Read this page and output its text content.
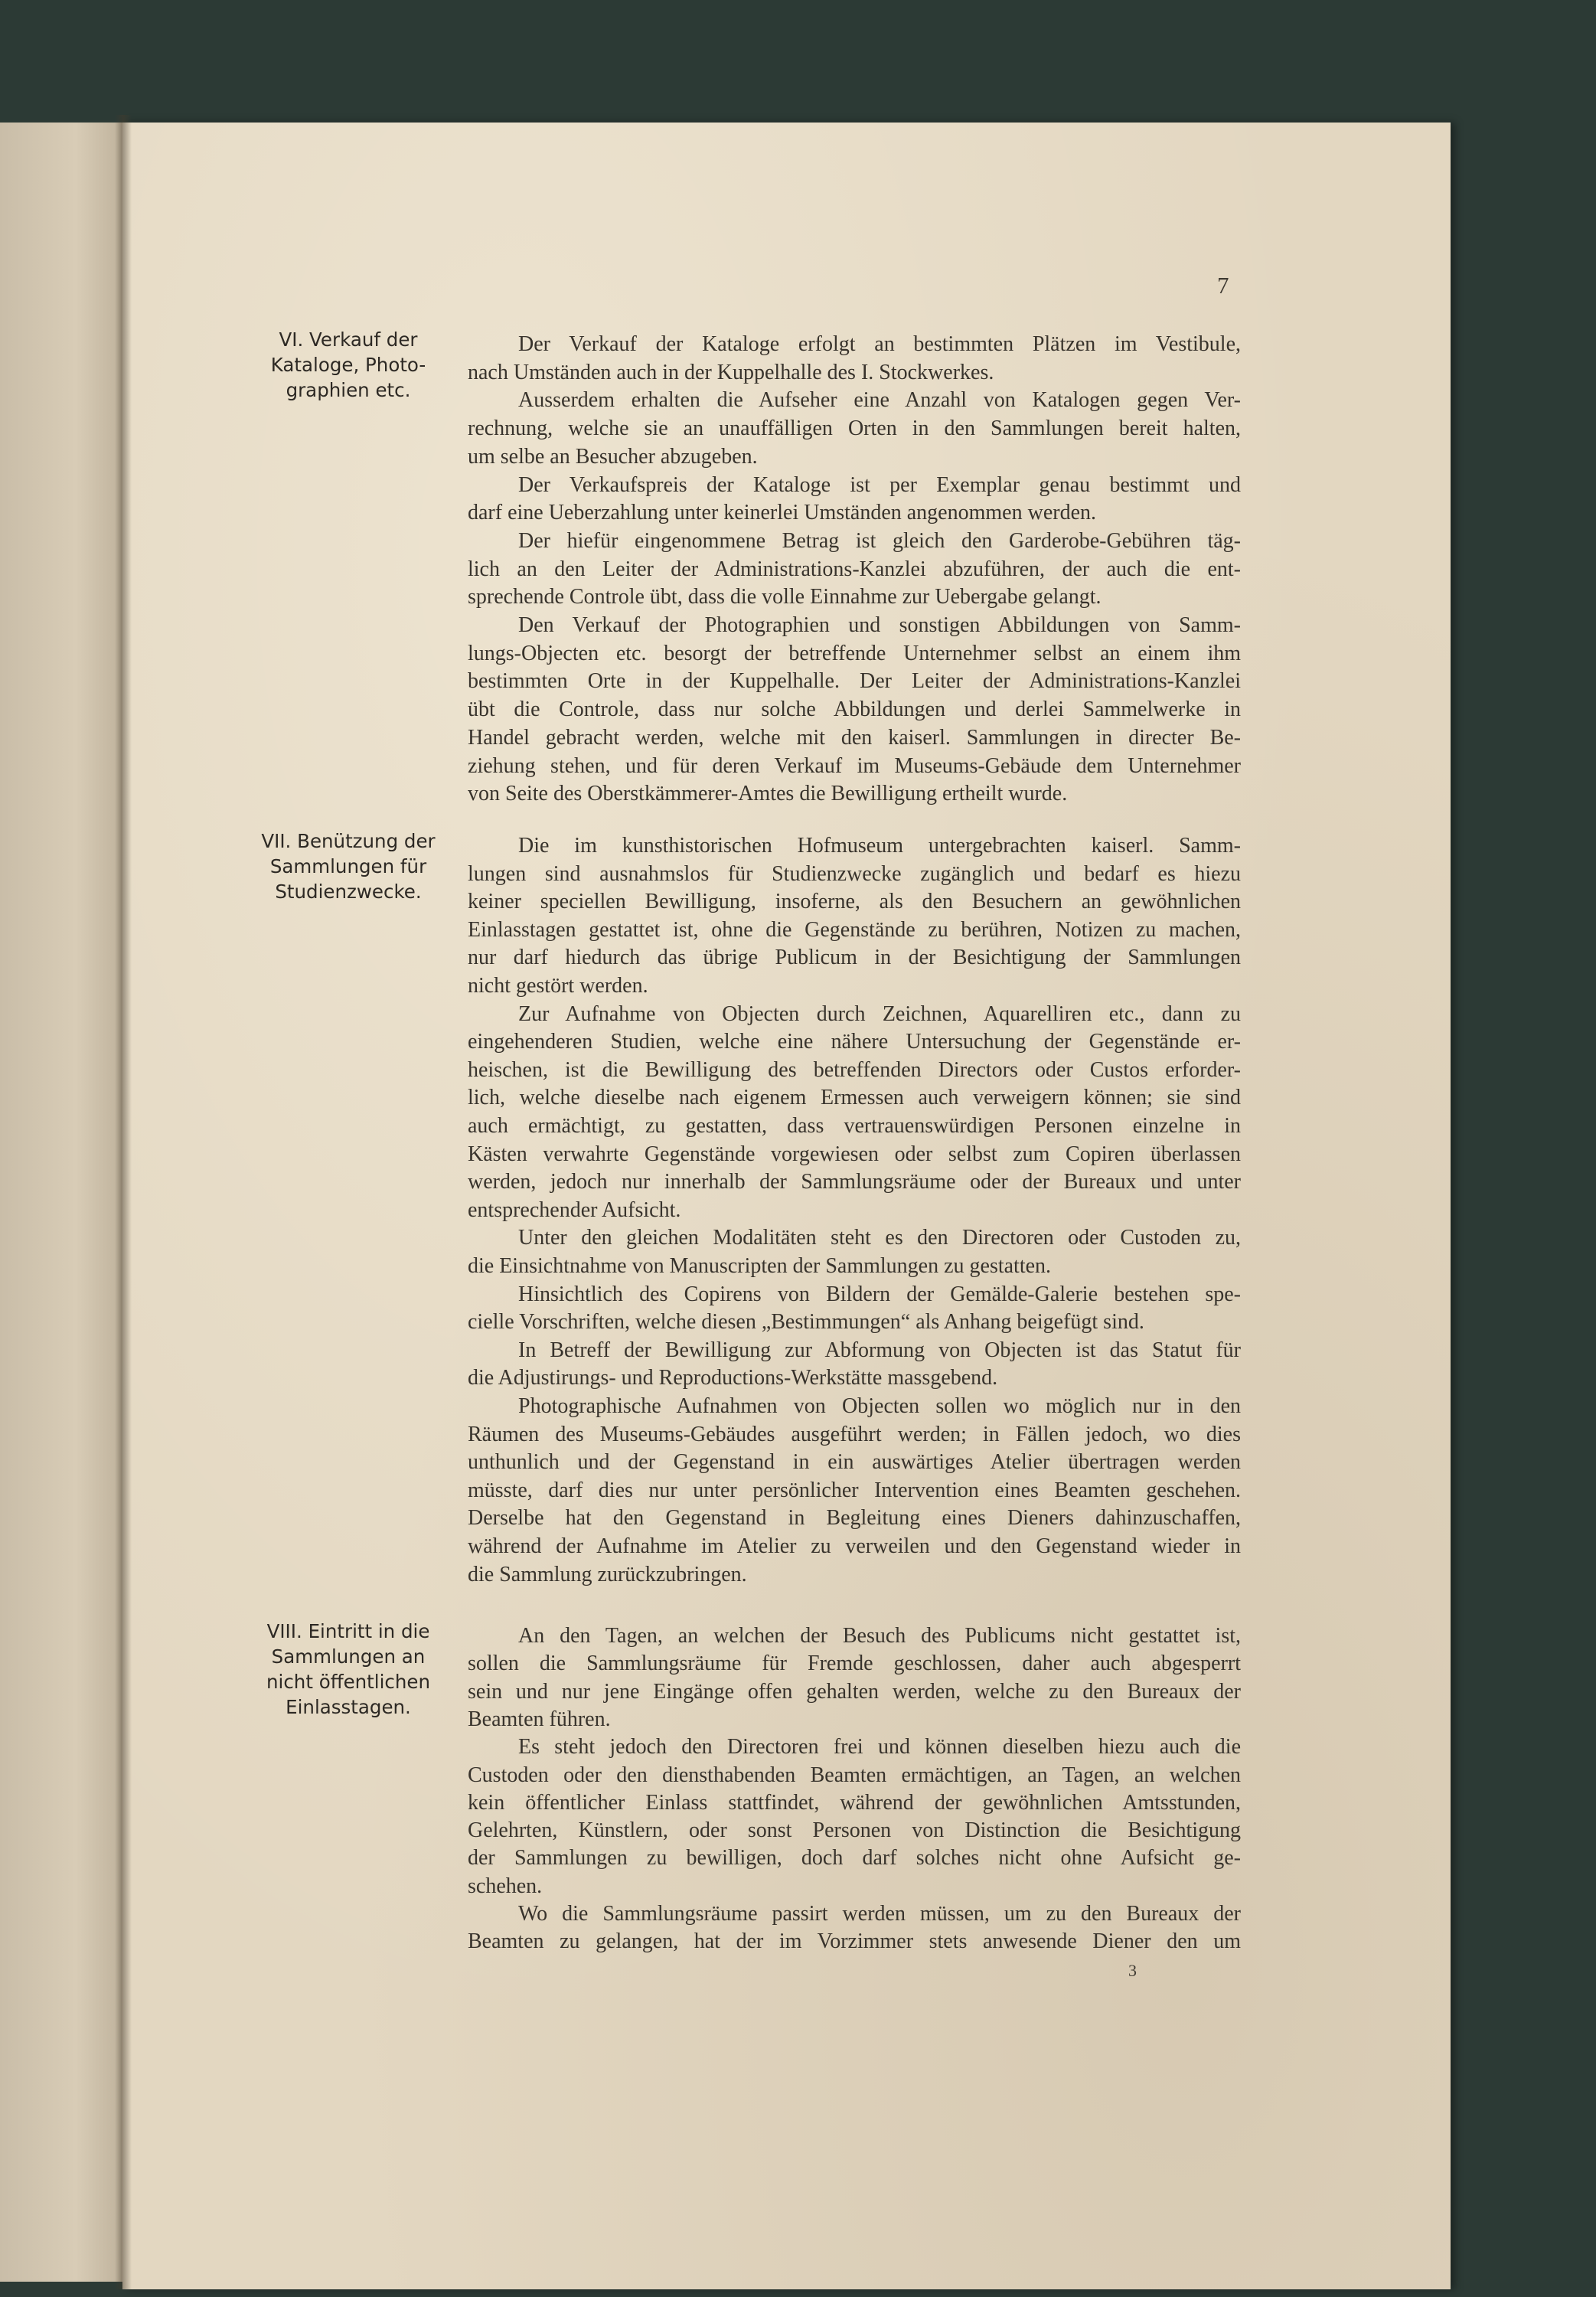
7
VI. Verkauf der
Kataloge, Photo-
graphien etc.
Der Verkauf der Kataloge erfolgt an bestimmten Plätzen im Vestibule,
nach Umständen auch in der Kuppelhalle des I. Stockwerkes.
Ausserdem erhalten die Aufseher eine Anzahl von Katalogen gegen Ver-
rechnung, welche sie an unauffälligen Orten in den Sammlungen bereit halten,
um selbe an Besucher abzugeben.
Der Verkaufspreis der Kataloge ist per Exemplar genau bestimmt und
darf eine Ueberzahlung unter keinerlei Umständen angenommen werden.
Der hiefür eingenommene Betrag ist gleich den Garderobe-Gebühren täg-
lich an den Leiter der Administrations-Kanzlei abzuführen, der auch die ent-
sprechende Controle übt, dass die volle Einnahme zur Uebergabe gelangt.
Den Verkauf der Photographien und sonstigen Abbildungen von Samm-
lungs-Objecten etc. besorgt der betreffende Unternehmer selbst an einem ihm
bestimmten Orte in der Kuppelhalle. Der Leiter der Administrations-Kanzlei
übt die Controle, dass nur solche Abbildungen und derlei Sammelwerke in
Handel gebracht werden, welche mit den kaiserl. Sammlungen in directer Be-
ziehung stehen, und für deren Verkauf im Museums-Gebäude dem Unternehmer
von Seite des Oberstkämmerer-Amtes die Bewilligung ertheilt wurde.
VII. Benützung der
Sammlungen für
Studienzwecke.
Die im kunsthistorischen Hofmuseum untergebrachten kaiserl. Samm-
lungen sind ausnahmslos für Studienzwecke zugänglich und bedarf es hiezu
keiner speciellen Bewilligung, insoferne, als den Besuchern an gewöhnlichen
Einlasstagen gestattet ist, ohne die Gegenstände zu berühren, Notizen zu machen,
nur darf hiedurch das übrige Publicum in der Besichtigung der Sammlungen
nicht gestört werden.
Zur Aufnahme von Objecten durch Zeichnen, Aquarelliren etc., dann zu
eingehenderen Studien, welche eine nähere Untersuchung der Gegenstände er-
heischen, ist die Bewilligung des betreffenden Directors oder Custos erforder-
lich, welche dieselbe nach eigenem Ermessen auch verweigern können; sie sind
auch ermächtigt, zu gestatten, dass vertrauenswürdigen Personen einzelne in
Kästen verwahrte Gegenstände vorgewiesen oder selbst zum Copiren überlassen
werden, jedoch nur innerhalb der Sammlungsräume oder der Bureaux und unter
entsprechender Aufsicht.
Unter den gleichen Modalitäten steht es den Directoren oder Custoden zu,
die Einsichtnahme von Manuscripten der Sammlungen zu gestatten.
Hinsichtlich des Copirens von Bildern der Gemälde-Galerie bestehen spe-
cielle Vorschriften, welche diesen „Bestimmungen“ als Anhang beigefügt sind.
In Betreff der Bewilligung zur Abformung von Objecten ist das Statut für
die Adjustirungs- und Reproductions-Werkstätte massgebend.
Photographische Aufnahmen von Objecten sollen wo möglich nur in den
Räumen des Museums-Gebäudes ausgeführt werden; in Fällen jedoch, wo dies
unthunlich und der Gegenstand in ein auswärtiges Atelier übertragen werden
müsste, darf dies nur unter persönlicher Intervention eines Beamten geschehen.
Derselbe hat den Gegenstand in Begleitung eines Dieners dahinzuschaffen,
während der Aufnahme im Atelier zu verweilen und den Gegenstand wieder in
die Sammlung zurückzubringen.
VIII. Eintritt in die
Sammlungen an
nicht öffentlichen
Einlasstagen.
An den Tagen, an welchen der Besuch des Publicums nicht gestattet ist,
sollen die Sammlungsräume für Fremde geschlossen, daher auch abgesperrt
sein und nur jene Eingänge offen gehalten werden, welche zu den Bureaux der
Beamten führen.
Es steht jedoch den Directoren frei und können dieselben hiezu auch die
Custoden oder den diensthabenden Beamten ermächtigen, an Tagen, an welchen
kein öffentlicher Einlass stattfindet, während der gewöhnlichen Amtsstunden,
Gelehrten, Künstlern, oder sonst Personen von Distinction die Besichtigung
der Sammlungen zu bewilligen, doch darf solches nicht ohne Aufsicht ge-
schehen.
Wo die Sammlungsräume passirt werden müssen, um zu den Bureaux der
Beamten zu gelangen, hat der im Vorzimmer stets anwesende Diener den um
3
